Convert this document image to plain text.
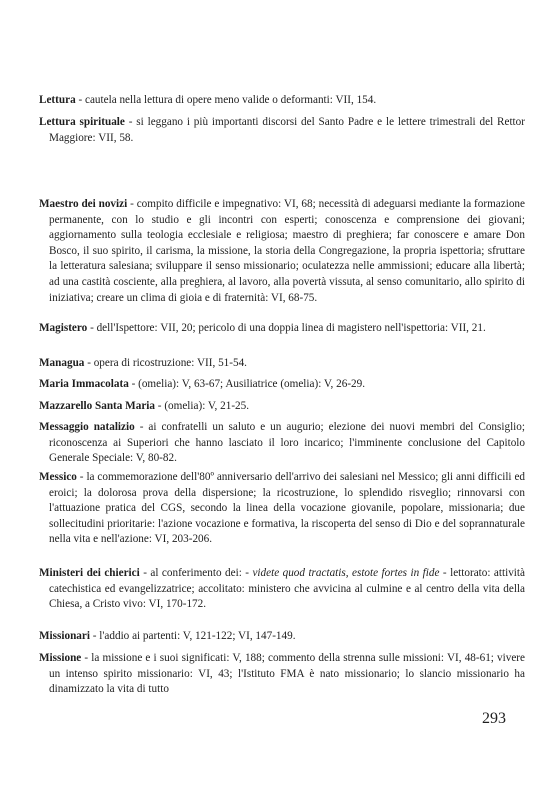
Lettura - cautela nella lettura di opere meno valide o deformanti: VII, 154.
Lettura spirituale - si leggano i più importanti discorsi del Santo Padre e le lettere trimestrali del Rettor Maggiore: VII, 58.
Maestro dei novizi - compito difficile e impegnativo: VI, 68; necessità di adeguarsi mediante la formazione permanente, con lo studio e gli incontri con esperti; conoscenza e comprensione dei giovani; aggiornamento sulla teologia ecclesiale e religiosa; maestro di preghiera; far conoscere e amare Don Bosco, il suo spirito, il carisma, la missione, la storia della Congregazione, la propria ispettoria; sfruttare la letteratura salesiana; sviluppare il senso missionario; oculatezza nelle ammissioni; educare alla libertà; ad una castità cosciente, alla preghiera, al lavoro, alla povertà vissuta, al senso comunitario, allo spirito di iniziativa; creare un clima di gioia e di fraternità: VI, 68-75.
Magistero - dell'Ispettore: VII, 20; pericolo di una doppia linea di magistero nell'ispettoria: VII, 21.
Managua - opera di ricostruzione: VII, 51-54.
Maria Immacolata - (omelia): V, 63-67; Ausiliatrice (omelia): V, 26-29.
Mazzarello Santa Maria - (omelia): V, 21-25.
Messaggio natalizio - ai confratelli un saluto e un augurio; elezione dei nuovi membri del Consiglio; riconoscenza ai Superiori che hanno lasciato il loro incarico; l'imminente conclusione del Capitolo Generale Speciale: V, 80-82.
Messico - la commemorazione dell'80º anniversario dell'arrivo dei salesiani nel Messico; gli anni difficili ed eroici; la dolorosa prova della dispersione; la ricostruzione, lo splendido risveglio; rinnovarsi con l'attuazione pratica del CGS, secondo la linea della vocazione giovanile, popolare, missionaria; due sollecitudini prioritarie: l'azione vocazione e formativa, la riscoperta del senso di Dio e del soprannaturale nella vita e nell'azione: VI, 203-206.
Ministeri dei chierici - al conferimento dei: - videte quod tractatis, estote fortes in fide - lettorato: attività catechistica ed evangelizzatrice; accolitato: ministero che avvicina al culmine e al centro della vita della Chiesa, a Cristo vivo: VI, 170-172.
Missionari - l'addio ai partenti: V, 121-122; VI, 147-149.
Missione - la missione e i suoi significati: V, 188; commento della strenna sulle missioni: VI, 48-61; vivere un intenso spirito missionario: VI, 43; l'Istituto FMA è nato missionario; lo slancio missionario ha dinamizzato la vita di tutto
293
